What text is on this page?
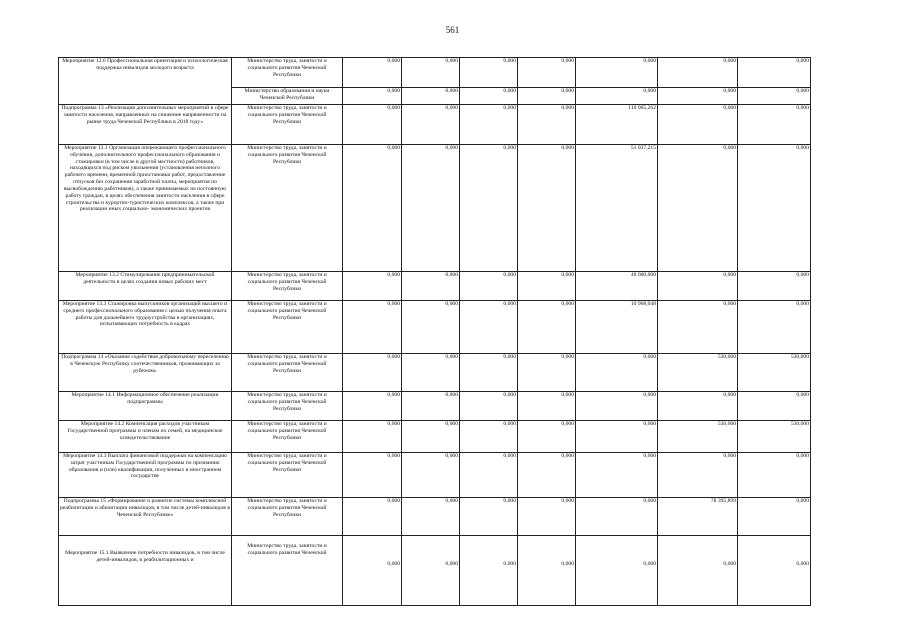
561
Мероприятие 12.6 Профессиональная ориентация и психологическая поддержка инвалидов молодого возраста	Министерство труда, занятости и социального развития Чеченской Республики	0,000	0,000	0,000	0,000	0,000	0,000	0,000
	Министерство образования и науки Чеченской Республики	0,000	0,000	0,000	0,000	0,000	0,000	0,000
Подпрограмма 13 «Реализация дополнительных мероприятий в сфере занятости населения, направленных на снижение напряженности на рынке труда Чеченской Республики в 2018 году»	Министерство труда, занятости и социального развития Чеченской Республики	0,000	0,000	0,000	0,000	110 005,262	0,000	0,000
Мероприятие 13.1 Организация опережающего профессионального обучения, дополнительного профессионального образования и стажировки (в том числе в другой местности) работников, находящихся под риском увольнения (установления неполного рабочего времени, временной приостановки работ, предоставление отпусков без сохранения заработной платы, мероприятия по высвобождению работников), а также принимаемых на постоянную работу граждан, в целях обеспечения занятости населения в сфере строительства и курортно-туристических комплексов, а также при реализации иных социально- экономических проектов	Министерство труда, занятости и социального развития Чеченской Республики	0,000	0,000	0,000	0,000	51 037,215	0,000	0,000
Мероприятие 13.2 Стимулирование предпринимательской деятельности в целях создания новых рабочих мест	Министерство труда, занятости и социального развития Чеченской Республики	0,000	0,000	0,000	0,000	48 000,000	0,000	0,000
Мероприятие 13.3 Стажировка выпускников организаций высшего и среднего профессионального образования с целью получения опыта работы для дальнейшего трудоустройства в организациях, испытывающих потребность в кадрах	Министерство труда, занятости и социального развития Чеченской Республики	0,000	0,000	0,000	0,000	10 968,048	0,000	0,000
Подпрограмма 14 «Оказание содействия добровольному переселению в Чеченскую Республику соотечественников, проживающих за рубежом»	Министерство труда, занятости и социального развития Чеченской Республики	0,000	0,000	0,000	0,000	0,000	530,000	530,000
Мероприятие 14.1 Информационное обеспечение реализации подпрограммы	Министерство труда, занятости и социального развития Чеченской Республики	0,000	0,000	0,000	0,000	0,000	0,000	0,000
Мероприятие 14.2 Компенсация расходов участникам Государственной программы и членам их семей, на медицинское освидетельствование	Министерство труда, занятости и социального развития Чеченской Республики	0,000	0,000	0,000	0,000	0,000	530,000	530,000
Мероприятие 14.3 Выплата финансовой поддержки на компенсацию затрат участникам Государственной программы по признанию образования и (или) квалификации, полученных в иностранном государстве	Министерство труда, занятости и социального развития Чеченской Республики	0,000	0,000	0,000	0,000	0,000	0,000	0,000
Подпрограмма 15 «Формирование и развитие системы комплексной реабилитации и абилитации инвалидов, в том числе детей-инвалидов в Чеченской Республике»	Министерство труда, занятости и социального развития Чеченской Республики	0,000	0,000	0,000	0,000	0,000	78 395,899	0,000
Мероприятие 15.1 Выявление потребности инвалидов, в том числе детей-инвалидов, в реабилитационных и	Министерство труда, занятости и социального развития Чеченской	0,000	0,000	0,000	0,000	0,000	0,000	0,000
